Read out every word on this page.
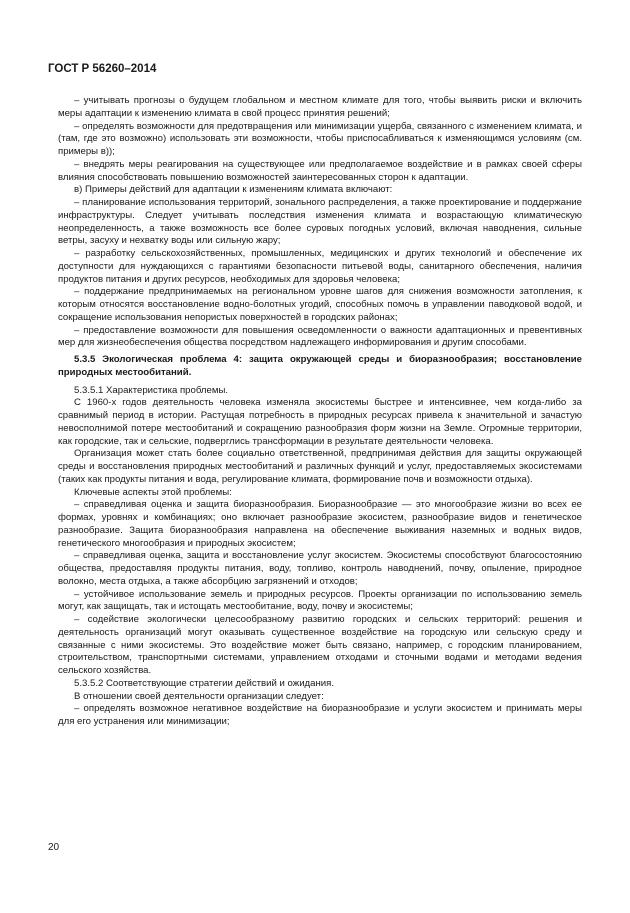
ГОСТ Р 56260–2014

– учитывать прогнозы о будущем глобальном и местном климате для того, чтобы выявить риски и включить меры адаптации к изменению климата в свой процесс принятия решений;

– определять возможности для предотвращения или минимизации ущерба, связанного с изменением климата, и (там, где это возможно) использовать эти возможности, чтобы приспосабливаться к изменяющимся условиям (см. примеры в));

– внедрять меры реагирования на существующее или предполагаемое воздействие и в рамках своей сферы влияния способствовать повышению возможностей заинтересованных сторон к адаптации.

в) Примеры действий для адаптации к изменениям климата включают:

– планирование использования территорий, зонального распределения, а также проектирование и поддержание инфраструктуры. Следует учитывать последствия изменения климата и возрастающую климатическую неопределенность, а также возможность все более суровых погодных условий, включая наводнения, сильные ветры, засуху и нехватку воды или сильную жару;

– разработку сельскохозяйственных, промышленных, медицинских и других технологий и обеспечение их доступности для нуждающихся с гарантиями безопасности питьевой воды, санитарного обеспечения, наличия продуктов питания и других ресурсов, необходимых для здоровья человека;

– поддержание предпринимаемых на региональном уровне шагов для снижения возможности затопления, к которым относятся восстановление водно-болотных угодий, способных помочь в управлении паводковой водой, и сокращение использования непористых поверхностей в городских районах;

– предоставление возможности для повышения осведомленности о важности адаптационных и превентивных мер для жизнеобеспечения общества посредством надлежащего информирования и другим способами.

5.3.5 Экологическая проблема 4: защита окружающей среды и биоразнообразия; восстановление природных местообитаний.

5.3.5.1 Характеристика проблемы.

С 1960-х годов деятельность человека изменяла экосистемы быстрее и интенсивнее, чем когда-либо за сравнимый период в истории. Растущая потребность в природных ресурсах привела к значительной и зачастую невосполнимой потере местообитаний и сокращению разнообразия форм жизни на Земле. Огромные территории, как городские, так и сельские, подверглись трансформации в результате деятельности человека.

Организация может стать более социально ответственной, предпринимая действия для защиты окружающей среды и восстановления природных местообитаний и различных функций и услуг, предоставляемых экосистемами (таких как продукты питания и вода, регулирование климата, формирование почв и возможности отдыха).

Ключевые аспекты этой проблемы:

– справедливая оценка и защита биоразнообразия. Биоразнообразие — это многообразие жизни во всех ее формах, уровнях и комбинациях; оно включает разнообразие экосистем, разнообразие видов и генетическое разнообразие. Защита биоразнообразия направлена на обеспечение выживания наземных и водных видов, генетического многообразия и природных экосистем;

– справедливая оценка, защита и восстановление услуг экосистем. Экосистемы способствуют благосостоянию общества, предоставляя продукты питания, воду, топливо, контроль наводнений, почву, опыление, природное волокно, места отдыха, а также абсорбцию загрязнений и отходов;

– устойчивое использование земель и природных ресурсов. Проекты организации по использованию земель могут, как защищать, так и истощать местообитание, воду, почву и экосистемы;

– содействие экологически целесообразному развитию городских и сельских территорий: решения и деятельность организаций могут оказывать существенное воздействие на городскую или сельскую среду и связанные с ними экосистемы. Это воздействие может быть связано, например, с городским планированием, строительством, транспортными системами, управлением отходами и сточными водами и методами ведения сельского хозяйства.

5.3.5.2 Соответствующие стратегии действий и ожидания.

В отношении своей деятельности организации следует:

– определять возможное негативное воздействие на биоразнообразие и услуги экосистем и принимать меры для его устранения или минимизации;

20
